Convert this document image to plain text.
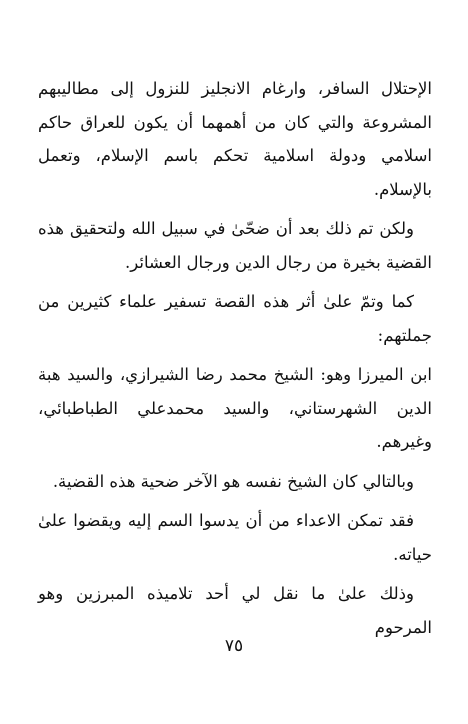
الإحتلال السافر، وارغام الانجليز للنزول إلى مطاليبهم المشروعة والتي كان من أهمهما أن يكون للعراق حاكم اسلامي ودولة اسلامية تحكم باسم الإسلام، وتعمل بالإسلام.

ولكن تم ذلك بعد أن ضحّىٰ في سبيل الله ولتحقيق هذه القضية بخيرة من رجال الدين ورجال العشائر.

كما وتمّ علىٰ أثر هذه القصة تسفير علماء كثيرين من جملتهم:

ابن الميرزا وهو: الشيخ محمد رضا الشيرازي، والسيد هبة الدين الشهرستاني، والسيد محمدعلي الطباطبائي، وغيرهم.

وبالتالي كان الشيخ نفسه هو الآخر ضحية هذه القضية.

فقد تمكن الاعداء من أن يدسوا السم إليه ويقضوا علىٰ حياته.

وذلك علىٰ ما نقل لي أحد تلاميذه المبرزين وهو المرحوم

٧٥
